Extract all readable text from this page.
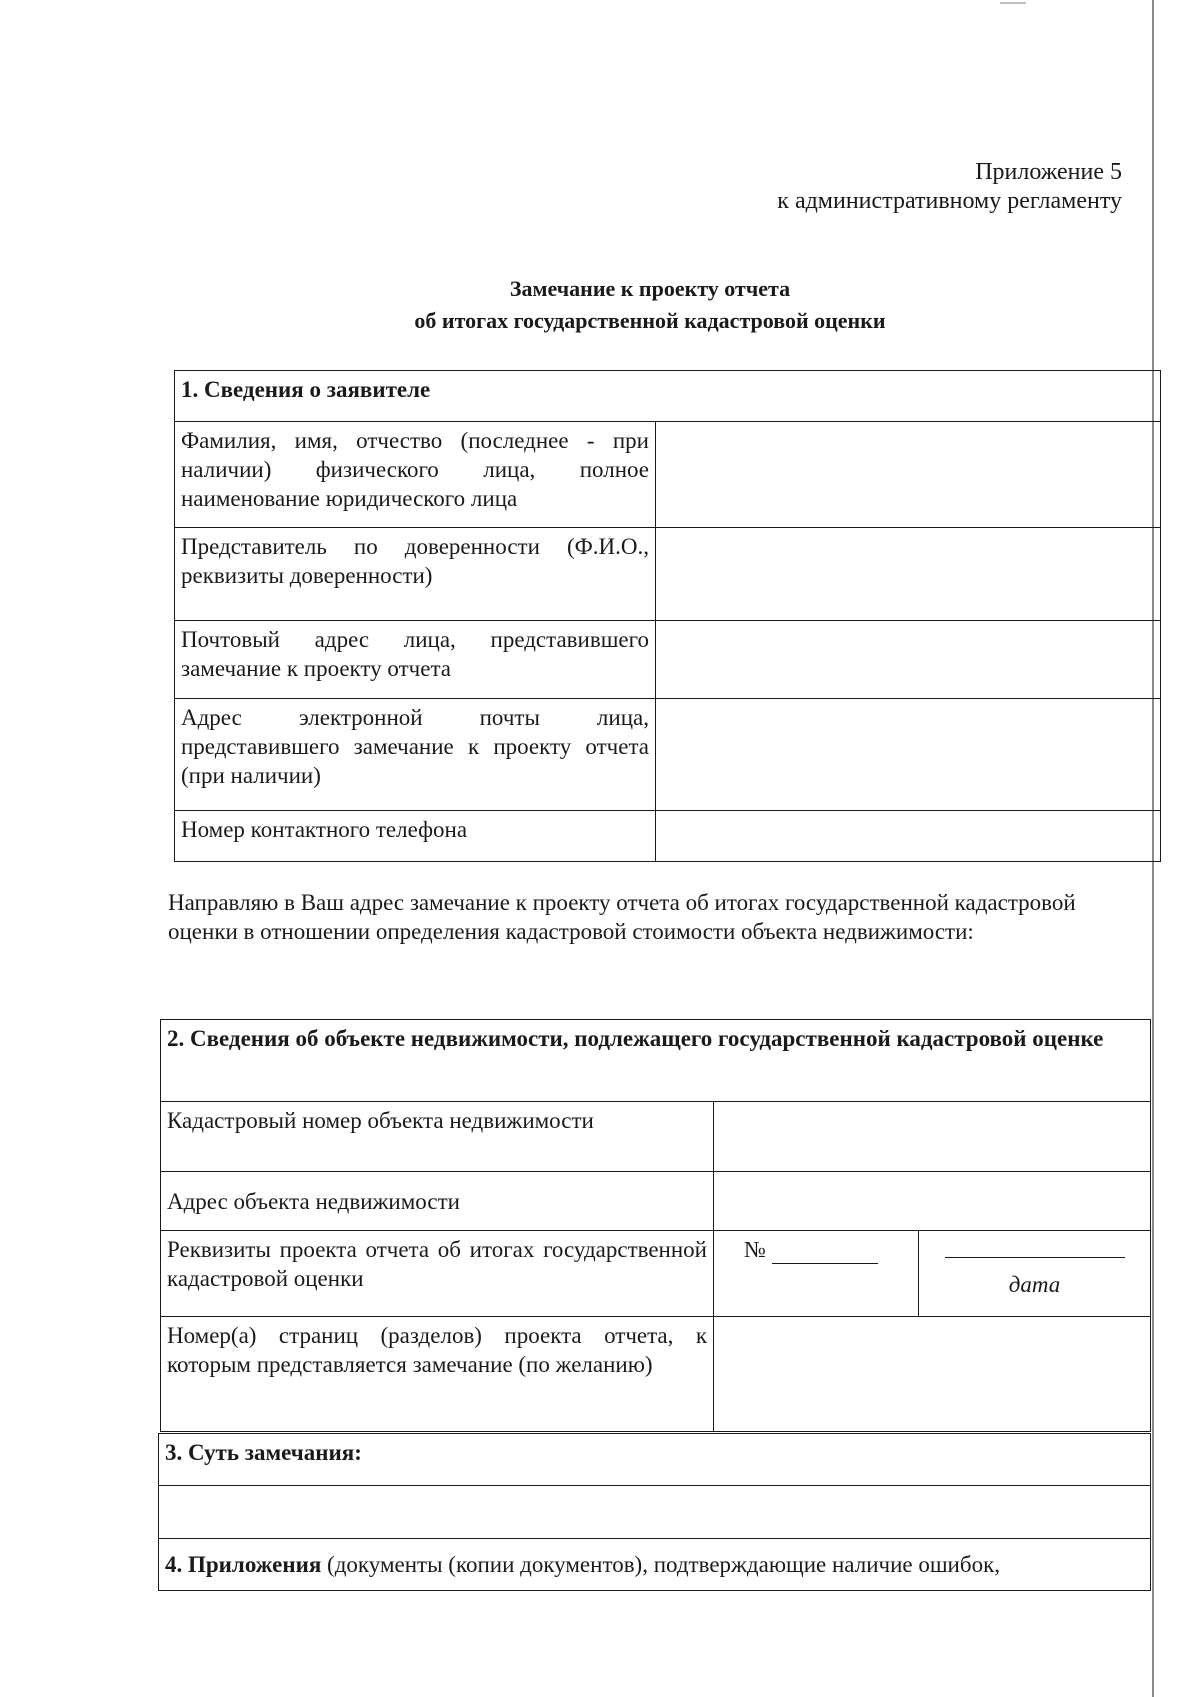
Приложение 5
к административному регламенту
Замечание к проекту отчета
об итогах государственной кадастровой оценки
1. Сведения о заявителе	
Фамилия, имя, отчество (последнее - при наличии) физического лица, полное наименование юридического лица	
Представитель по доверенности (Ф.И.О., реквизиты доверенности)	
Почтовый адрес лица, представившего замечание к проекту отчета	
Адрес электронной почты лица, представившего замечание к проекту отчета (при наличии)	
Номер контактного телефона	
Направляю в Ваш адрес замечание к проекту отчета об итогах государственной кадастровой оценки в отношении определения кадастровой стоимости объекта недвижимости:
2. Сведения об объекте недвижимости, подлежащего государственной кадастровой оценке		
Кадастровый номер объекта недвижимости		
Адрес объекта недвижимости		
Реквизиты проекта отчета об итогах государственной кадастровой оценки	№	дата

Номер(а) страниц (разделов) проекта отчета, к которым представляется замечание (по желанию)		
3. Суть замечания:

4. Приложения (документы (копии документов), подтверждающие наличие ошибок,
